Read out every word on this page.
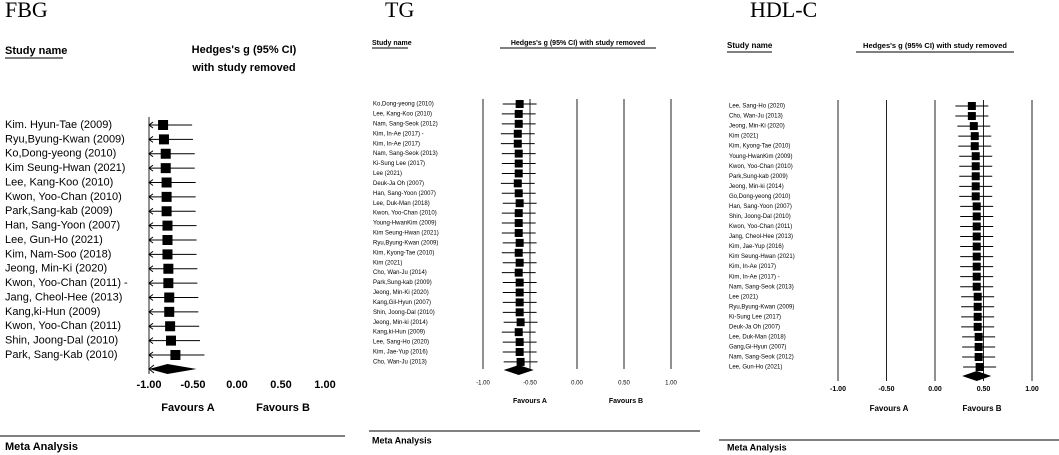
FBG
Study name	Hedges's g (95% CI)
with study removed
Kim. Hyun-Tae (2009)
Ryu,Byung-Kwan (2009)
Ko,Dong-yeong (2010)
Kim Seung-Hwan (2021)
Lee, Kang-Koo (2010)
Kwon, Yoo-Chan (2010)
Park,Sang-kab (2009)
Han, Sang-Yoon (2007)
Lee, Gun-Ho (2021)
Kim, Nam-Soo (2018)
Jeong, Min-Ki (2020)
Kwon, Yoo-Chan (2011) -
Jang, Cheol-Hee (2013)
Kang,ki-Hun (2009)
Kwon, Yoo-Chan (2011)
Shin, Joong-Dal (2010)
Park, Sang-Kab (2010)
-1.00 -0.50 0.00 0.50 1.00
Favours A	Favours B
Meta Analysis
TG
Study name	Hedges's g (95% CI) with study removed
Ko,Dong-yeong (2010)
Lee, Kang-Koo (2010)
Nam, Sang-Seok (2012)
Kim, In-Ae (2017) -
Kim, In-Ae (2017)
Nam, Sang-Seok (2013)
Ki-Sung Lee (2017)
Lee (2021)
Deuk-Ja Oh (2007)
Han, Sang-Yoon (2007)
Lee, Duk-Man (2018)
Kwon, Yoo-Chan (2010)
Young-HwanKim (2009)
Kim Seung-Hwan (2021)
Ryu,Byung-Kwan (2009)
Kim, Kyong-Tae (2010)
Kim (2021)
Cho, Wan-Ju (2014)
Park,Sung-kab (2009)
Jeong, Min-Ki (2020)
Kang,Gil-Hyun (2007)
Shin, Joong-Dal (2010)
Jeong, Min-ki (2014)
Kang,ki-Hun (2009)
Lee, Sang-Ho (2020)
Kim, Jae-Yup (2016)
Cho, Wan-Ju (2013)
-1.00	-0.50	0.00	0.50	1.00
Favours A	Favours B
Meta Analysis
HDL-C
Study name	Hedges's g (95% CI) with study removed
Lee, Sang-Ho (2020)
Cho, Wan-Ju (2013)
Jeong, Min-Ki (2020)
Kim (2021)
Kim, Kyong-Tae (2010)
Young-HwanKim (2009)
Kwon, Yoo-Chan (2010)
Park,Sung-kab (2009)
Jeong, Min-ki (2014)
Go,Dong-yeong (2010)
Han, Sang-Yoon (2007)
Shin, Joong-Dal (2010)
Kwon, Yoo-Chan (2011)
Jang, Cheol-Hee (2013)
Kim, Jae-Yup (2016)
Kim Seung-Hwan (2021)
Kim, In-Ae (2017)
Kim, In-Ae (2017) -
Nam, Sang-Seok (2013)
Lee (2021)
Ryu,Byung-Kwan (2009)
Ki-Sung Lee (2017)
Deuk-Ja Oh (2007)
Lee, Duk-Man (2018)
Gang,Gi-Hyun (2007)
Nam, Sang-Seok (2012)
Lee, Gun-Ho (2021)
-1.00	-0.50	0.00	0.50	1.00
Favours A	Favours B
Meta Analysis
